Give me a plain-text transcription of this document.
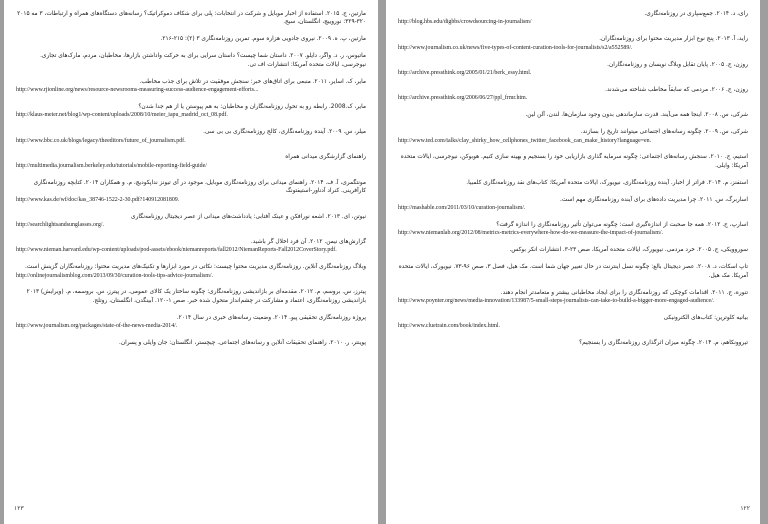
مارتین، ج. ۲۰۱۵. استفاده از اخبار موبایل و شرکت در انتخابات: پلی برای شکاف دموکراتیک؟ رسانه‌های دستگاه‌های همراه و ارتباطات، ۳ مه ۲۰۱۵ ۳۲۰-۳۲۹: نوروییچ، انگلستان، سیج.
مارتین، پ. ه. ۲۰۰۹. نیروی جادویی هزاره سوم. تمرین روزنامه‌نگاری ۳ (۲): ۲۱۵-۲۱۶.
ماتیوس، ر. د. واگر، دایلو. ۲۰۰۷. داستان شما چیست؟ داستان سرایی برای به حرکت واداشتن بازارها، مخاطبان، مردم، مارک‌های تجاری. نیوجرسی، ایالات متحده آمریکا: انتشارات اف تی.
مایر، ک. اسایر، ۲۰۱۱. منبعی برای اتاق‌های خبر: سنجش موفقیت در تلاش برای جذب مخاطب.
http://www.rjionline.org/news/resource-newsrooms-measuring-success-audience-engagement-efforts...
مایر، ک.2008. رابطه رو به تحول روزنامه‌نگاران و مخاطبان: به هم پیوستن یا از هم جدا شدن؟
http://klaus-meier.net/blog1/wp-content/uploads/2008/10/meier_iapu_madrid_oct_08.pdf.
میلر، س. ۲۰۰۹. آینده روزنامه‌نگاری، کالج روزنامه‌نگاری بی بی سی.
http://www.bbc.co.uk/blogs/legacy/theeditors/future_of_journalism.pdf.
راهنمای گزارشگری میدانی همراه
http://multimedia.journalism.berkeley.edu/tutorials/mobile-reporting-field-guide/
مونتگمری، آ. ف. ۲۰۱۴. راهنمای میدانی برای روزنامه‌نگاری موبایل، موجود در آی تیونز نداپکودیچ، م. و همکاران ۲۰۱۴. کتابچه روزنامه‌نگاری کارآفرینی. کنراد آدناور-استیفتونگ
http://www.kas.de/wf/doc/kas_38746-1522-2-30.pdf?140912081809.
نیوتن، ای. ۲۰۱۳. اشعه نورافکن و عینک آفتابی: یادداشت‌های میدانی از عصر دیجیتال روزنامه‌نگاری
http://searchlightsandsunglasses.org/.
گزارش‌های نیمن. ۲۰۱۲. آن فرد اخلال گر باشید.
http://www.nieman.harvard.edu/wp-content/uploads/pod-assets/ebook/niemanreports/fall2012/NiemanReports-Fall2012CoverStory.pdf.
وبلاگ روزنامه‌نگاری آنلاین. روزنامه‌نگاری مدیریت محتوا چیست: نکاتی در مورد ابزارها و تکنیک‌های مدیریت محتوا: روزنامه‌نگاران گزینش است.
http://onlinejournalismblog.com/2013/09/30/curation-tools-tips-advice-journalism/.
پیترز، س. بروسم، م. ۲۰۱۲. مقدمه‌ای بر بازاندیشی روزنامه‌نگاری: چگونه ساختار یک کالای عمومی. در پیترز، س. بروسمه، م. (ویرایش) ۲۰۱۳ بازاندیشی روزنامه‌نگاری، اعتماد و مشارکت در چشم‌انداز متحول شده خبر. صص ۱-۱۲۰. آبینگدن، انگلستان، روتلج.
پروژه روزنامه‌نگاری تحقیقی پیو. ۲۰۱۴. وضعیت رسانه‌های خبری در سال ۲۰۱۴.
http://www.journalism.org/packages/state-of-the-news-media-2014/.
پوینتر، ر. ۲۰۱۰. راهنمای تحقیقات آنلاین و رسانه‌های اجتماعی. چیچستر، انگلستان: جان وایلی و پسران.
۱۲۳
رای، د. ۲۰۱۴. جمع‌سپاری در روزنامه‌نگاری.
http://blog.hbs.edu/digbbs/crowdsourcing-in-journalism/
راید، آ. ۲۰۱۳. پنج نوع ابزار مدیریت محتوا برای روزنامه‌نگاران.
http://www.journalism.co.uk/news/five-types-of-content-curation-tools-for-journalists/s2/a552589/.
روزن، ج. ۲۰۰۵. پایان تقابل وبلاگ نویسان و روزنامه‌نگاران.
http://archive.pressthink.org/2005/01/21/berk_essy.html.
روزن، ج. ۲۰۰۶. مردمی که سابقاً مخاطب شناخته می‌شدند.
http://archive.pressthink.org/2006/06/27/ppl_frmr.htm.
شرکی، س. ۲۰۰۸. اینجا همه می‌آیند. قدرت سازماندهی بدون وجود سازمان‌ها. لندن، آلن لین.
شرکی، س. ۲۰۰۹. چگونه رسانه‌های اجتماعی میتوانند تاریخ را بسازند.
http://www.ted.com/talks/clay_shirky_how_cellphones_twitter_facebook_can_make_history?language=en.
استیم، ج. ۲۰۱۰. سنجش رسانه‌های اجتماعی: چگونه سرمایه گذاری بازاریابی خود را بسنجیم و بهینه سازی کنیم. هوبوکن، نیوجرسی، ایالات متحده آمریکا: وایلی.
استفنز، م. ۲۰۱۴. فراتر از اخبار. آینده روزنامه‌نگاری. نیویورک، ایالات متحده آمریکا: کتاب‌های نقد روزنامه‌نگاری کلمبیا.
اساربرگ، س. ۲۰۱۱. چرا مدیریت داده‌های برای آینده روزنامه‌نگاری مهم است.
http://mashable.com/2011/03/10/curation-journalism/.
اسارپ، ج. ۲۰۱۲. همه جا صحبت از اندازه‌گیری است: چگونه می‌توان تأثیر روزنامه‌نگاری را اندازه گرفت؟
http://www.niemanlab.org/2012/08/metrics-metrics-everywhere-how-do-we-measure-the-impact-of-journalism/.
سوروویکی، ج. ۲۰۰۵. خرد مردمی. نیویورک، ایالات متحده آمریکا، صص ۲۳-۳. انتشارات انکر بوکس.
تاپ اسکات، د. ۲۰۰۸. عصر دیجیتال بالغ: چگونه نسل اینترنت در حال تغییر جهان شما است. مک هیل، فصل ۳، صص ۹۶-۷۳. نیویورک، ایالات متحده آمریکا. مک هیل.
تنوره، ج. ۲۰۱۱. اقدامات کوچکی که روزنامه‌نگاری را برای ایجاد مخاطبانی بیشتر و متعامدتر انجام دهند.
http://www.poynter.org/news/media-innovation/133987/5-small-steps-journalists-can-take-to-build-a-bigger-more-engaged-audience/.
بیانیه کلوترین: کتاب‌های الکترونیکی
http://www.cluetrain.com/book/index.html.
تیروونکاهم، م. ۲۰۱۴. چگونه میزان اثرگذاری روزنامه‌نگاری را بسنجیم؟
۱۲۲
